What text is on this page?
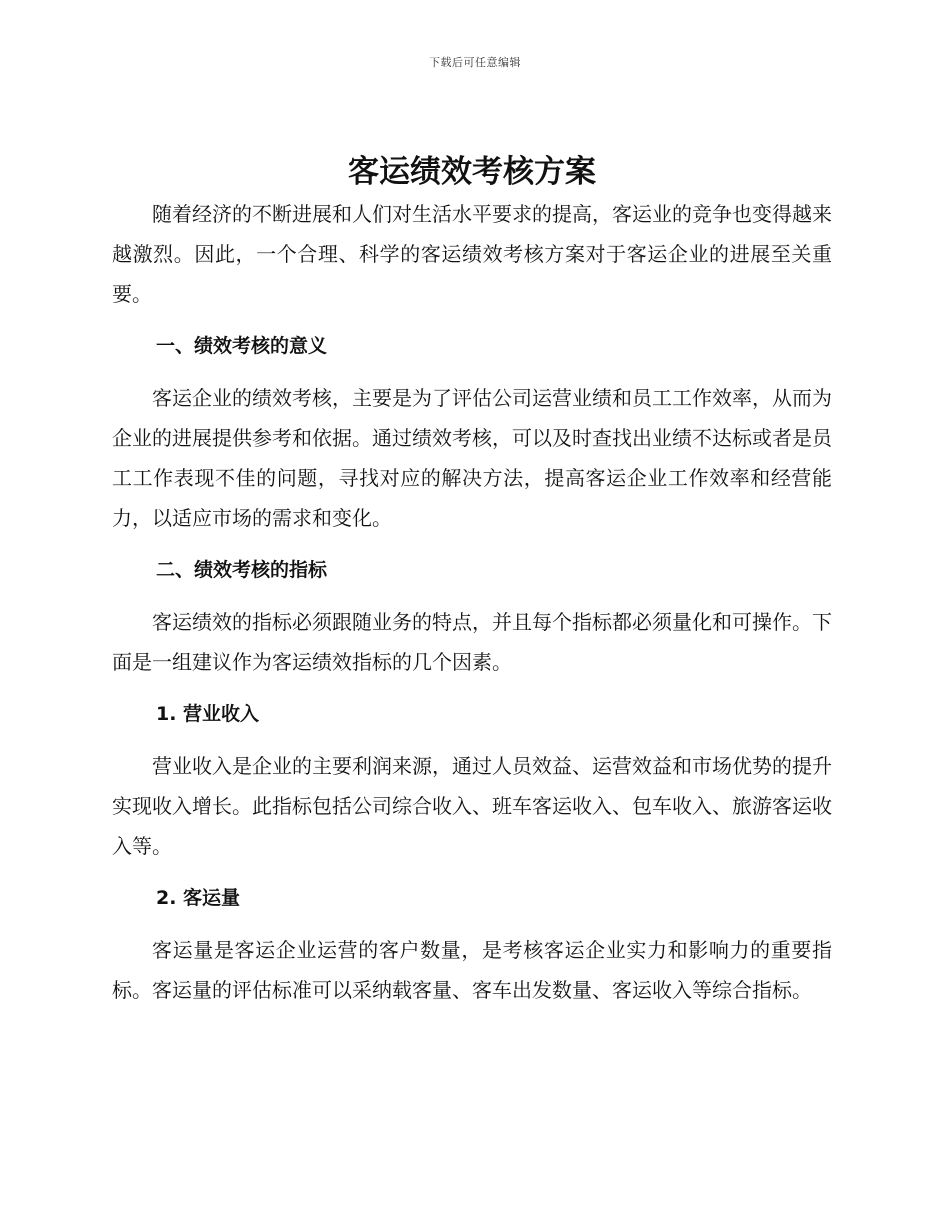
下载后可任意编辑
客运绩效考核方案

随着经济的不断进展和人们对生活水平要求的提高，客运业的竞争也变得越来越激烈。因此，一个合理、科学的客运绩效考核方案对于客运企业的进展至关重要。

一、绩效考核的意义

客运企业的绩效考核，主要是为了评估公司运营业绩和员工工作效率，从而为企业的进展提供参考和依据。通过绩效考核，可以及时查找出业绩不达标或者是员工工作表现不佳的问题，寻找对应的解决方法，提高客运企业工作效率和经营能力，以适应市场的需求和变化。

二、绩效考核的指标

客运绩效的指标必须跟随业务的特点，并且每个指标都必须量化和可操作。下面是一组建议作为客运绩效指标的几个因素。

1. 营业收入

营业收入是企业的主要利润来源，通过人员效益、运营效益和市场优势的提升实现收入增长。此指标包括公司综合收入、班车客运收入、包车收入、旅游客运收入等。

2. 客运量

客运量是客运企业运营的客户数量，是考核客运企业实力和影响力的重要指标。客运量的评估标准可以采纳载客量、客车出发数量、客运收入等综合指标。
